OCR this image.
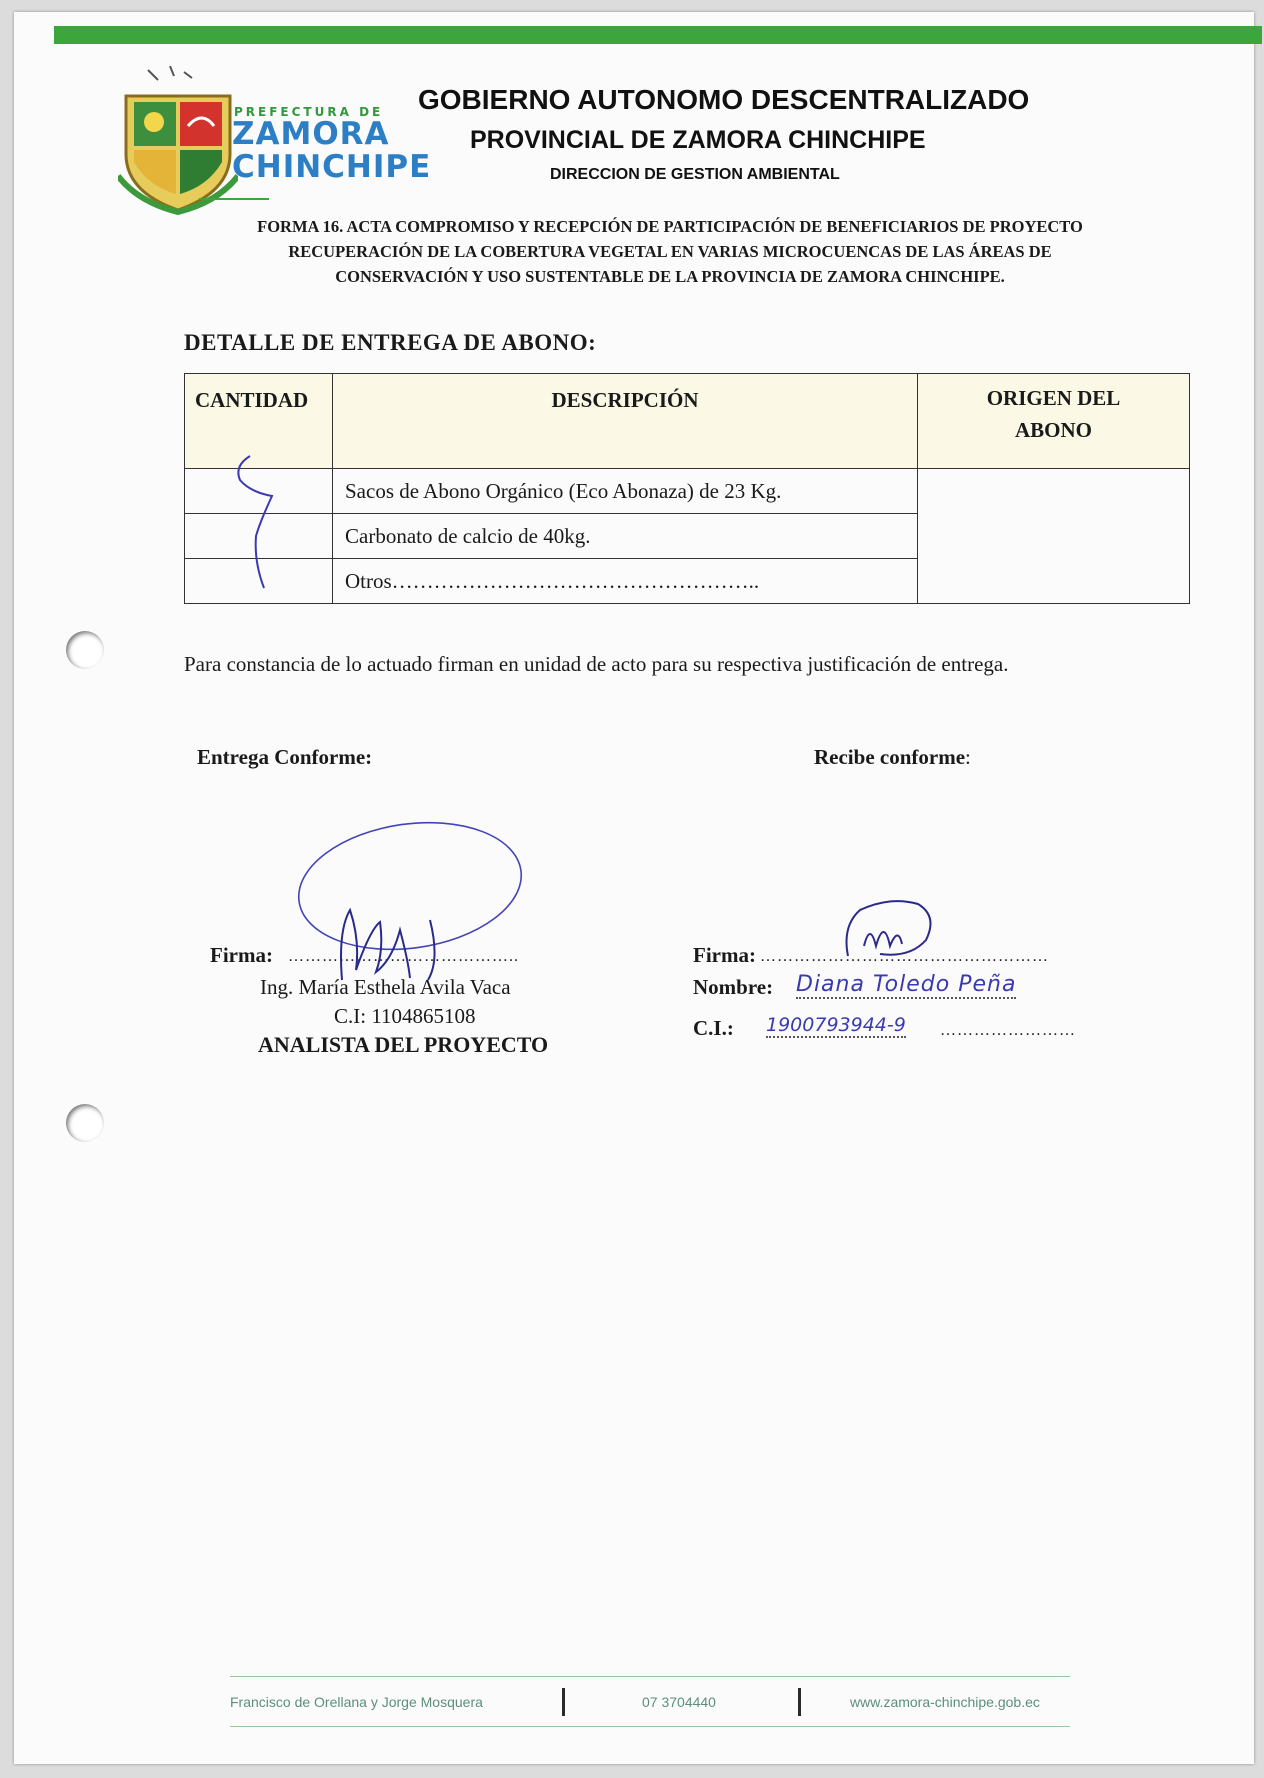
PREFECTURA DE
ZAMORA
CHINCHIPE
GOBIERNO AUTONOMO DESCENTRALIZADO
PROVINCIAL DE ZAMORA CHINCHIPE
DIRECCION DE GESTION AMBIENTAL
FORMA 16. ACTA COMPROMISO Y RECEPCIÓN DE PARTICIPACIÓN DE BENEFICIARIOS DE PROYECTO
RECUPERACIÓN DE LA COBERTURA VEGETAL EN VARIAS MICROCUENCAS DE LAS ÁREAS DE
CONSERVACIÓN Y USO SUSTENTABLE DE LA PROVINCIA DE ZAMORA CHINCHIPE.
DETALLE DE ENTREGA DE ABONO:
CANTIDAD	DESCRIPCIÓN	ORIGEN DEL
ABONO
	Sacos de Abono Orgánico (Eco Abonaza) de 23 Kg.	
	Carbonato de calcio de 40kg.	
	Otros……………………………………………..	
Para constancia de lo actuado firman en unidad de acto para su respectiva justificación de entrega.
Entrega Conforme:
Firma: …………………………………..
Ing. María Esthela Avila Vaca
C.I: 1104865108
ANALISTA DEL PROYECTO
Recibe conforme:
Firma: ……………………………………………
Nombre: Diana Toledo Peña
C.I.: 1900793944-9 ……………………
Francisco de Orellana y Jorge Mosquera	07 3704440	www.zamora-chinchipe.gob.ec
